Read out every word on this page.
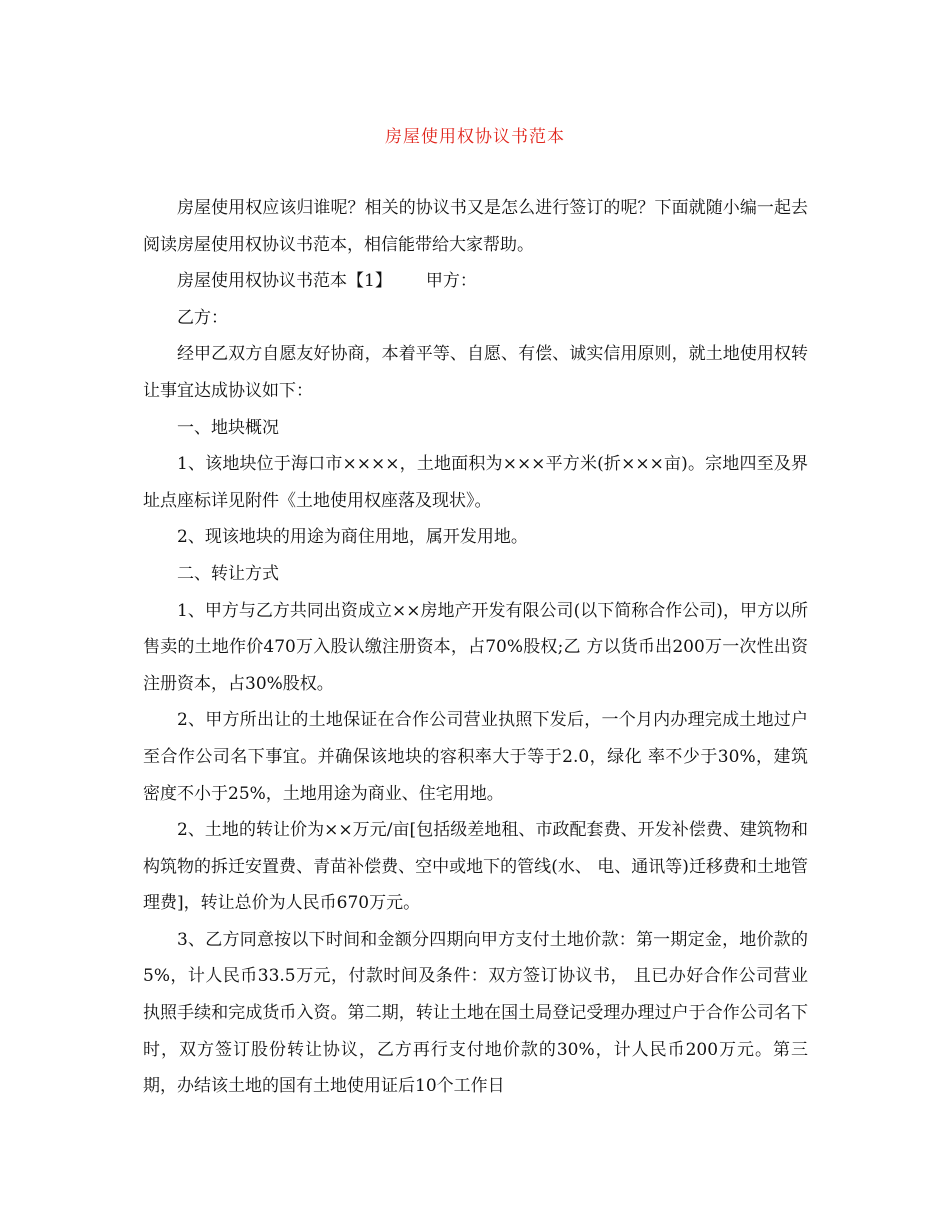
房屋使用权协议书范本

房屋使用权应该归谁呢？相关的协议书又是怎么进行签订的呢？下面就随小编一起去阅读房屋使用权协议书范本，相信能带给大家帮助。

房屋使用权协议书范本【1】 甲方：

乙方：

经甲乙双方自愿友好协商，本着平等、自愿、有偿、诚实信用原则，就土地使用权转让事宜达成协议如下：

一、地块概况

1、该地块位于海口市××××，土地面积为×××平方米(折×××亩)。宗地四至及界址点座标详见附件《土地使用权座落及现状》。

2、现该地块的用途为商住用地，属开发用地。

二、转让方式

1、甲方与乙方共同出资成立××房地产开发有限公司(以下简称合作公司)，甲方以所售卖的土地作价470万入股认缴注册资本，占70%股权;乙 方以货币出200万一次性出资注册资本，占30%股权。

2、甲方所出让的土地保证在合作公司营业执照下发后，一个月内办理完成土地过户至合作公司名下事宜。并确保该地块的容积率大于等于2.0，绿化 率不少于30%，建筑密度不小于25%，土地用途为商业、住宅用地。

2、土地的转让价为××万元/亩[包括级差地租、市政配套费、开发补偿费、建筑物和构筑物的拆迁安置费、青苗补偿费、空中或地下的管线(水、 电、通讯等)迁移费和土地管理费]，转让总价为人民币670万元。

3、乙方同意按以下时间和金额分四期向甲方支付土地价款：第一期定金，地价款的5%，计人民币33.5万元，付款时间及条件：双方签订协议书， 且已办好合作公司营业执照手续和完成货币入资。第二期，转让土地在国土局登记受理办理过户于合作公司名下时，双方签订股份转让协议，乙方再行支付地价款的30%，计人民币200万元。第三期，办结该土地的国有土地使用证后10个工作日
